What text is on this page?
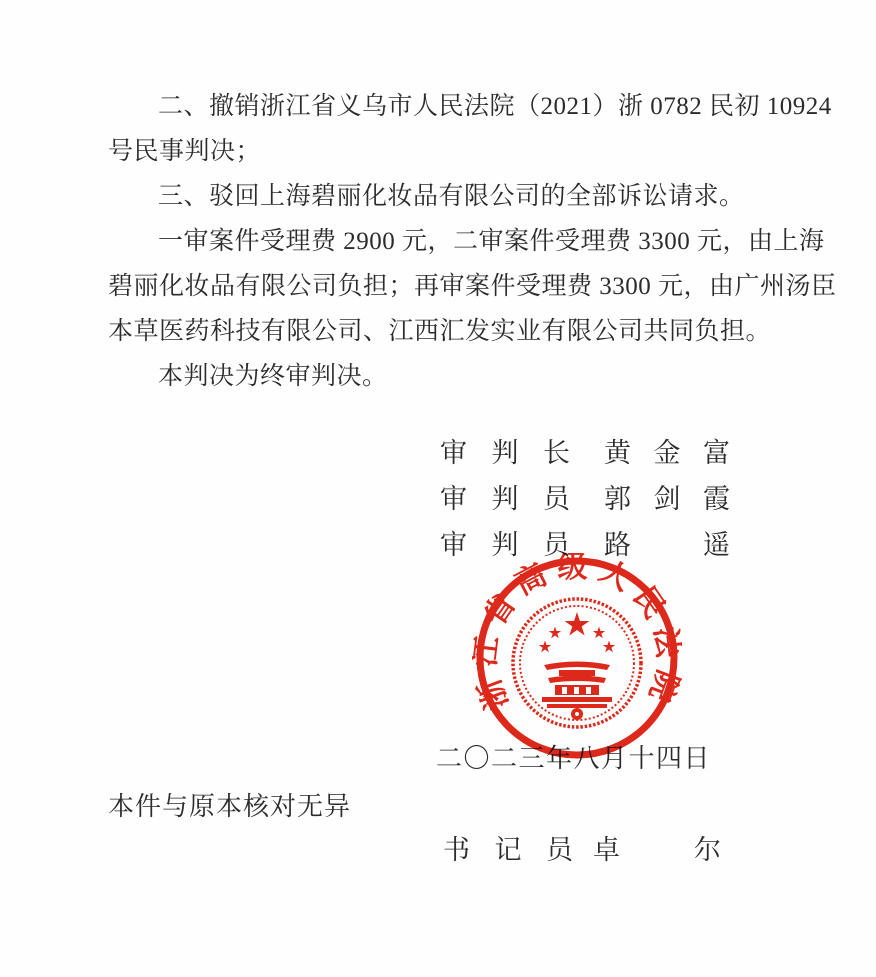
二、撤销浙江省义乌市人民法院（2021）浙 0782 民初 10924
号民事判决；
三、驳回上海碧丽化妆品有限公司的全部诉讼请求。
一审案件受理费 2900 元，二审案件受理费 3300 元，由上海
碧丽化妆品有限公司负担；再审案件受理费 3300 元，由广州汤臣
本草医药科技有限公司、江西汇发实业有限公司共同负担。
本判决为终审判决。
审 判 长 黄 金 富
审 判 员 郭 剑 霞
审 判 员 路	遥
二〇二三年八月十四日
浙江省高级人民法院
本件与原本核对无异
书 记 员 卓	尔
